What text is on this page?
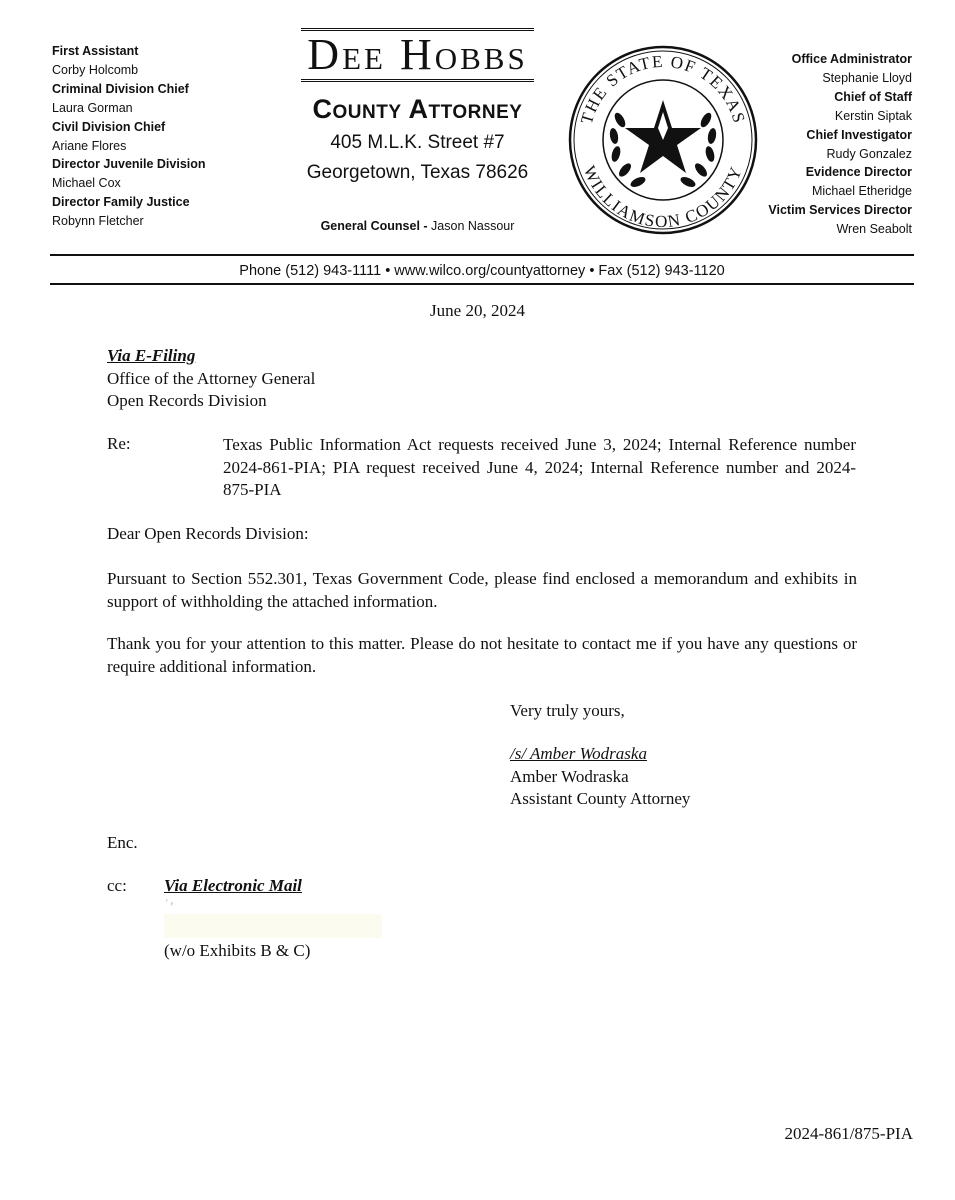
First Assistant
Corby Holcomb
Criminal Division Chief
Laura Gorman
Civil Division Chief
Ariane Flores
Director Juvenile Division
Michael Cox
Director Family Justice
Robynn Fletcher
Dee Hobbs
County Attorney
405 M.L.K. Street #7
Georgetown, Texas 78626
General Counsel - Jason Nassour
THE STATE OF TEXAS
WILLIAMSON COUNTY
Office Administrator
Stephanie Lloyd
Chief of Staff
Kerstin Siptak
Chief Investigator
Rudy Gonzalez
Evidence Director
Michael Etheridge
Victim Services Director
Wren Seabolt
Phone (512) 943-1111 • www.wilco.org/countyattorney • Fax (512) 943-1120
June 20, 2024
Via E-Filing
Office of the Attorney General
Open Records Division
Re:	Texas Public Information Act requests received June 3, 2024; Internal Reference number 2024-861-PIA; PIA request received June 4, 2024; Internal Reference number and 2024-875-PIA
Dear Open Records Division:
Pursuant to Section 552.301, Texas Government Code, please find enclosed a memorandum and exhibits in support of withholding the attached information.
Thank you for your attention to this matter. Please do not hesitate to contact me if you have any questions or require additional information.
Very truly yours,
/s/ Amber Wodraska
Amber Wodraska
Assistant County Attorney
Enc.
cc: Via Electronic Mail
′ ›
(w/o Exhibits B & C)
2024-861/875-PIA
